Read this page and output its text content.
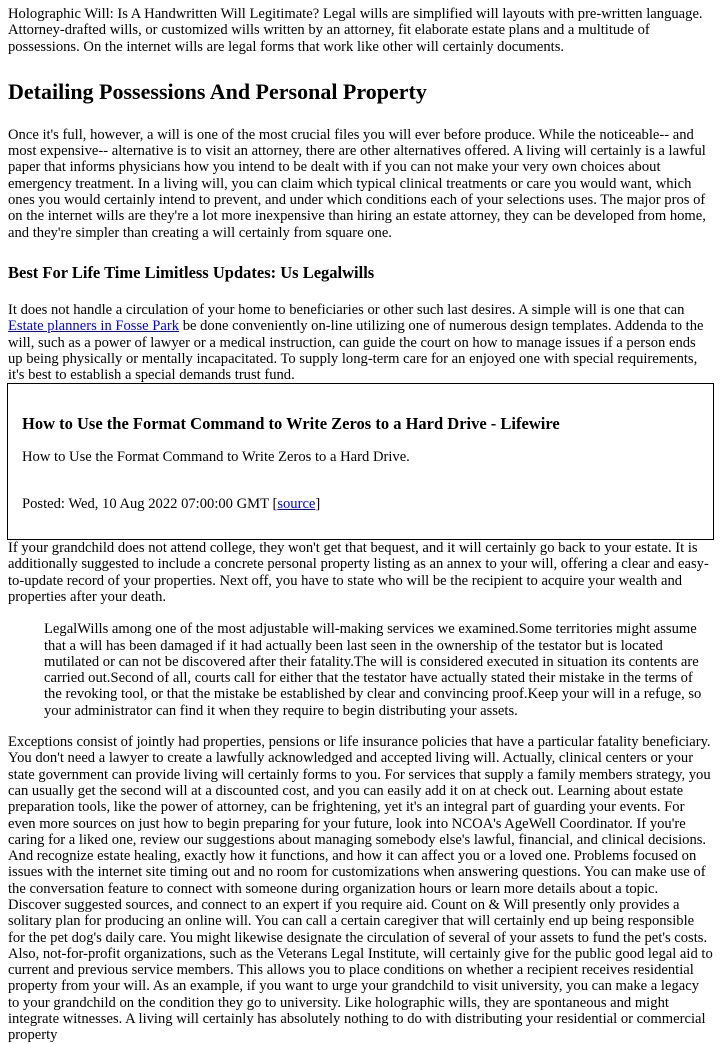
Holographic Will: Is A Handwritten Will Legitimate? Legal wills are simplified will layouts with pre-written language. Attorney-drafted wills, or customized wills written by an attorney, fit elaborate estate plans and a multitude of possessions. On the internet wills are legal forms that work like other will certainly documents.

Detailing Possessions And Personal Property

Once it's full, however, a will is one of the most crucial files you will ever before produce. While the noticeable-- and most expensive-- alternative is to visit an attorney, there are other alternatives offered. A living will certainly is a lawful paper that informs physicians how you intend to be dealt with if you can not make your very own choices about emergency treatment. In a living will, you can claim which typical clinical treatments or care you would want, which ones you would certainly intend to prevent, and under which conditions each of your selections uses. The major pros of on the internet wills are they're a lot more inexpensive than hiring an estate attorney, they can be developed from home, and they're simpler than creating a will certainly from square one.

Best For Life Time Limitless Updates: Us Legalwills

It does not handle a circulation of your home to beneficiaries or other such last desires. A simple will is one that can Estate planners in Fosse Park be done conveniently on-line utilizing one of numerous design templates. Addenda to the will, such as a power of lawyer or a medical instruction, can guide the court on how to manage issues if a person ends up being physically or mentally incapacitated. To supply long-term care for an enjoyed one with special requirements, it's best to establish a special demands trust fund.

How to Use the Format Command to Write Zeros to a Hard Drive - Lifewire

How to Use the Format Command to Write Zeros to a Hard Drive.

Posted: Wed, 10 Aug 2022 07:00:00 GMT [source]

If your grandchild does not attend college, they won't get that bequest, and it will certainly go back to your estate. It is additionally suggested to include a concrete personal property listing as an annex to your will, offering a clear and easy-to-update record of your properties. Next off, you have to state who will be the recipient to acquire your wealth and properties after your death.

LegalWills among one of the most adjustable will-making services we examined.Some territories might assume that a will has been damaged if it had actually been last seen in the ownership of the testator but is located mutilated or can not be discovered after their fatality.The will is considered executed in situation its contents are carried out.Second of all, courts call for either that the testator have actually stated their mistake in the terms of the revoking tool, or that the mistake be established by clear and convincing proof.Keep your will in a refuge, so your administrator can find it when they require to begin distributing your assets.

Exceptions consist of jointly had properties, pensions or life insurance policies that have a particular fatality beneficiary. You don't need a lawyer to create a lawfully acknowledged and accepted living will. Actually, clinical centers or your state government can provide living will certainly forms to you. For services that supply a family members strategy, you can usually get the second will at a discounted cost, and you can easily add it on at check out. Learning about estate preparation tools, like the power of attorney, can be frightening, yet it's an integral part of guarding your events. For even more sources on just how to begin preparing for your future, look into NCOA's AgeWell Coordinator. If you're caring for a liked one, review our suggestions about managing somebody else's lawful, financial, and clinical decisions. And recognize estate healing, exactly how it functions, and how it can affect you or a loved one. Problems focused on issues with the internet site timing out and no room for customizations when answering questions. You can make use of the conversation feature to connect with someone during organization hours or learn more details about a topic. Discover suggested sources, and connect to an expert if you require aid. Count on & Will presently only provides a solitary plan for producing an online will. You can call a certain caregiver that will certainly end up being responsible for the pet dog's daily care. You might likewise designate the circulation of several of your assets to fund the pet's costs. Also, not-for-profit organizations, such as the Veterans Legal Institute, will certainly give for the public good legal aid to current and previous service members. This allows you to place conditions on whether a recipient receives residential property from your will. As an example, if you want to urge your grandchild to visit university, you can make a legacy to your grandchild on the condition they go to university. Like holographic wills, they are spontaneous and might integrate witnesses. A living will certainly has absolutely nothing to do with distributing your residential or commercial property
